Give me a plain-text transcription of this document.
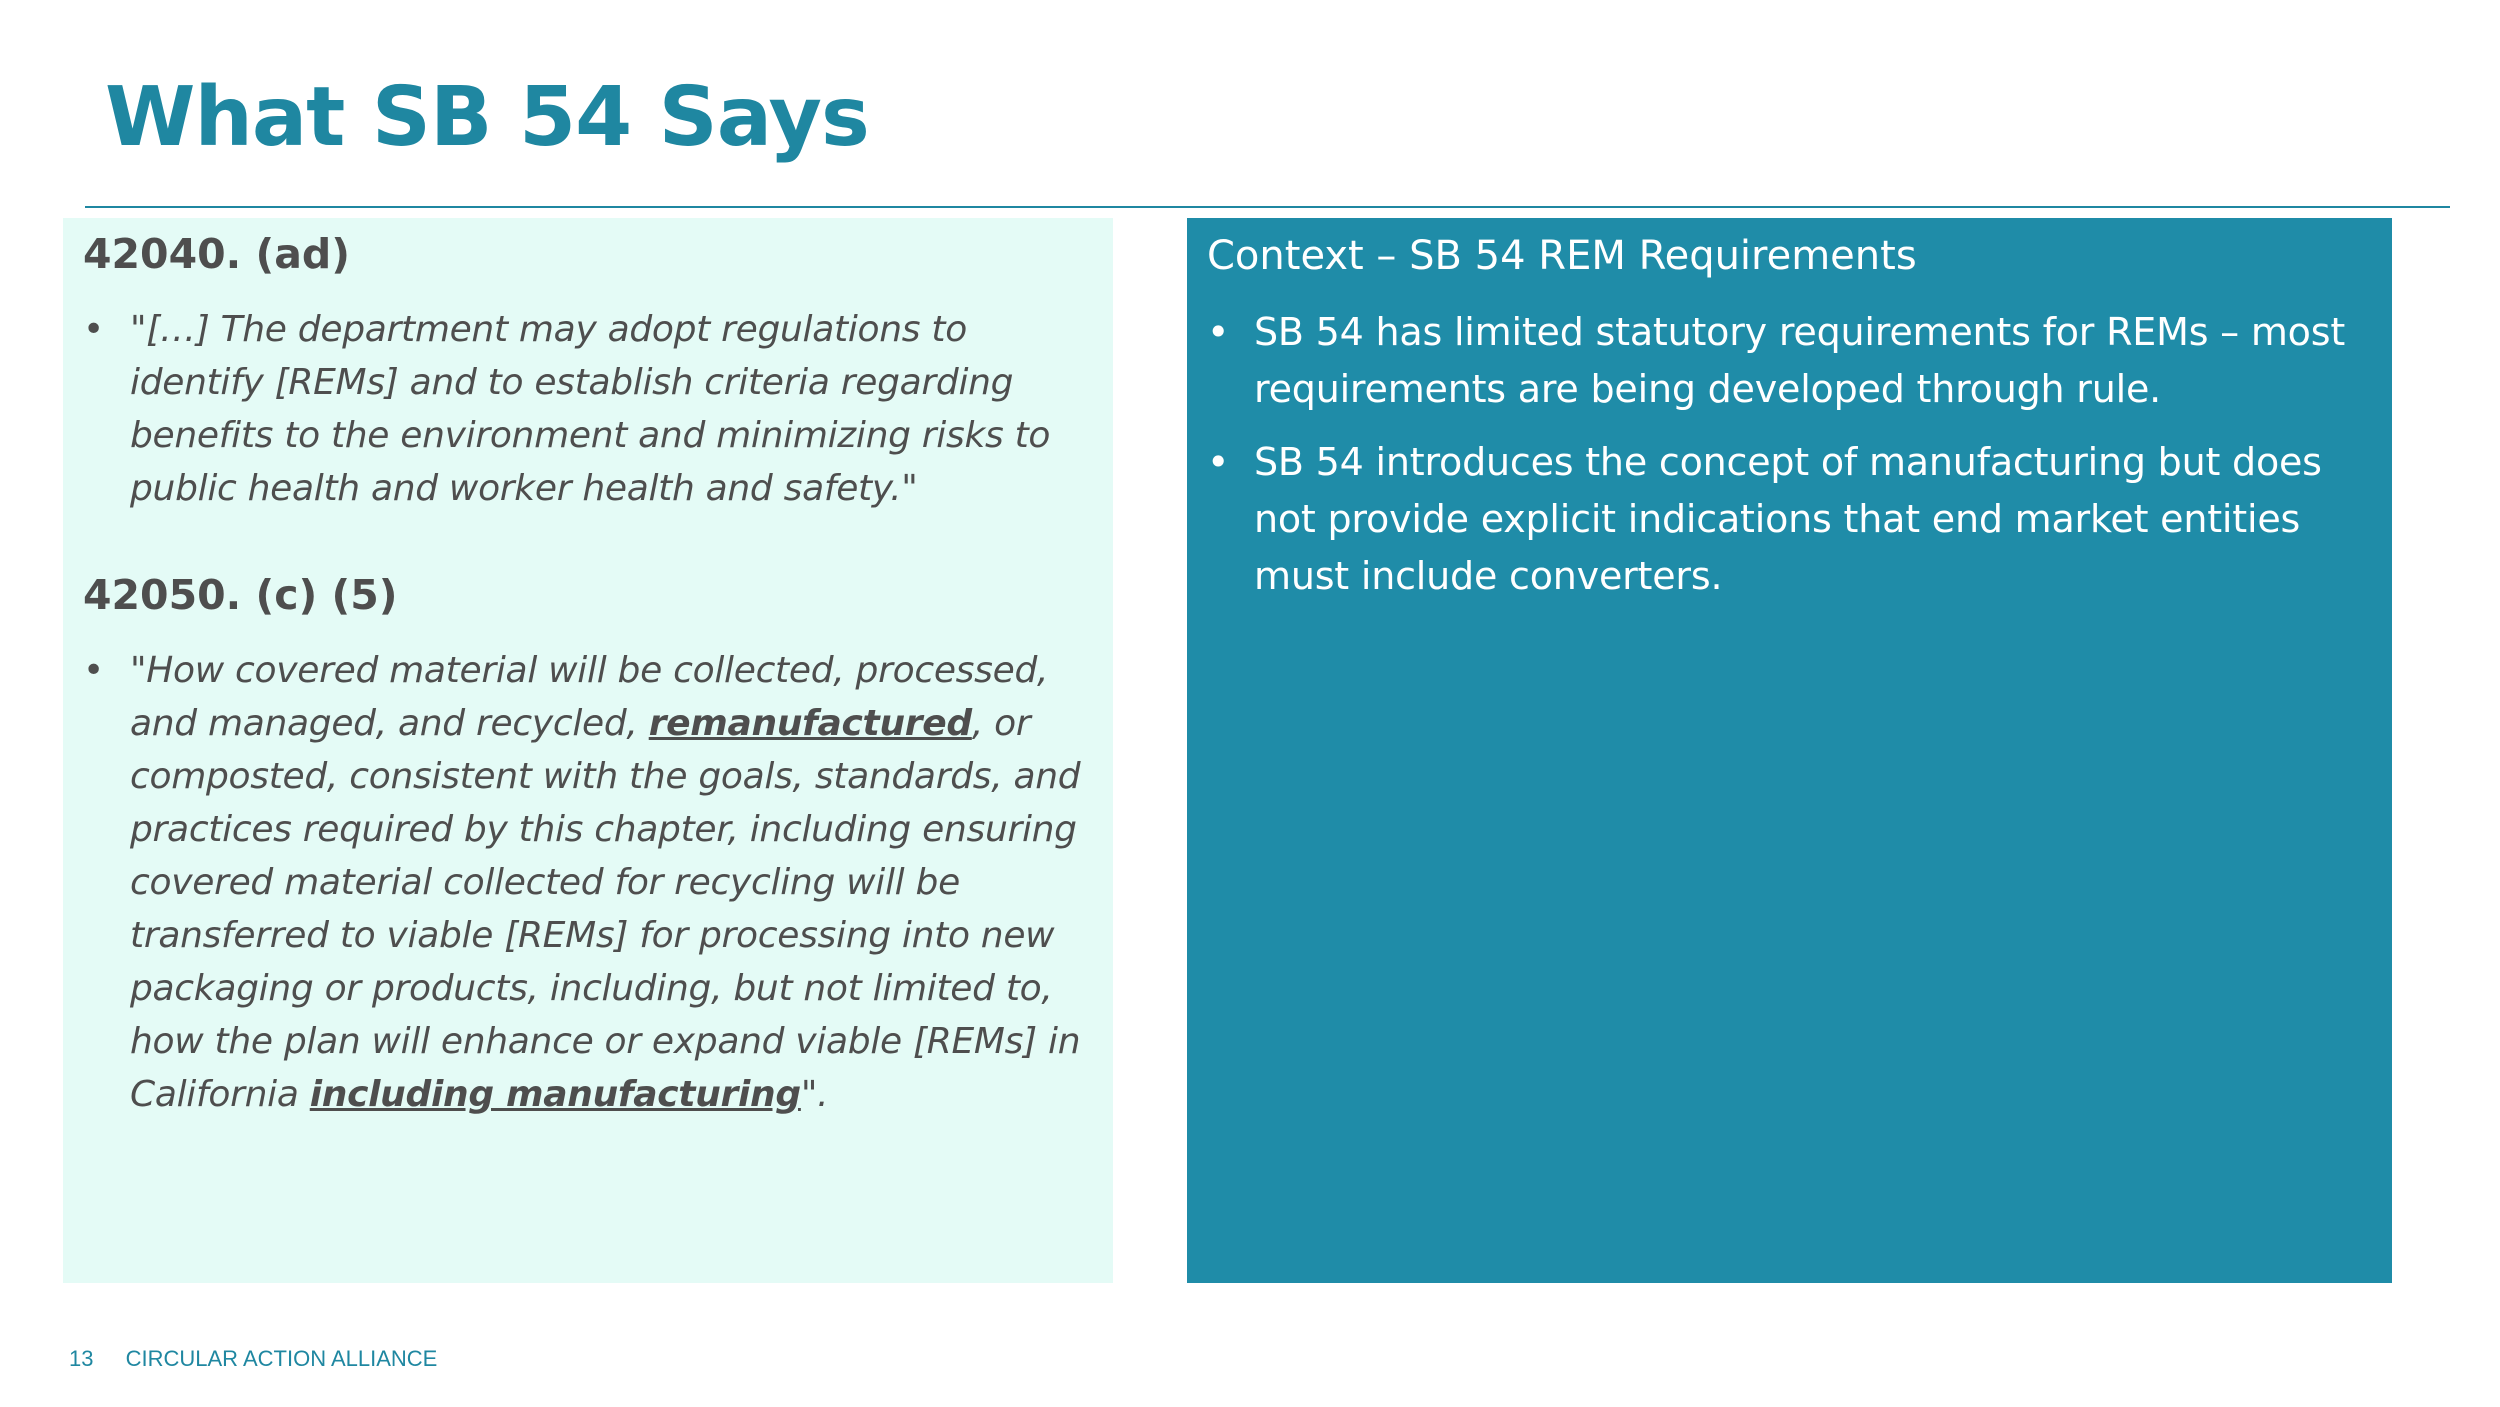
What SB 54 Says
42040. (ad)
• "[…] The department may adopt regulations to identify [REMs] and to establish criteria regarding benefits to the environment and minimizing risks to public health and worker health and safety."
42050. (c) (5)
• "How covered material will be collected, processed, and managed, and recycled, remanufactured, or composted, consistent with the goals, standards, and practices required by this chapter, including ensuring covered material collected for recycling will be transferred to viable [REMs] for processing into new packaging or products, including, but not limited to, how the plan will enhance or expand viable [REMs] in California including manufacturing".
Context – SB 54 REM Requirements
• SB 54 has limited statutory requirements for REMs – most requirements are being developed through rule.
• SB 54 introduces the concept of manufacturing but does not provide explicit indications that end market entities must include converters.
13 CIRCULAR ACTION ALLIANCE
